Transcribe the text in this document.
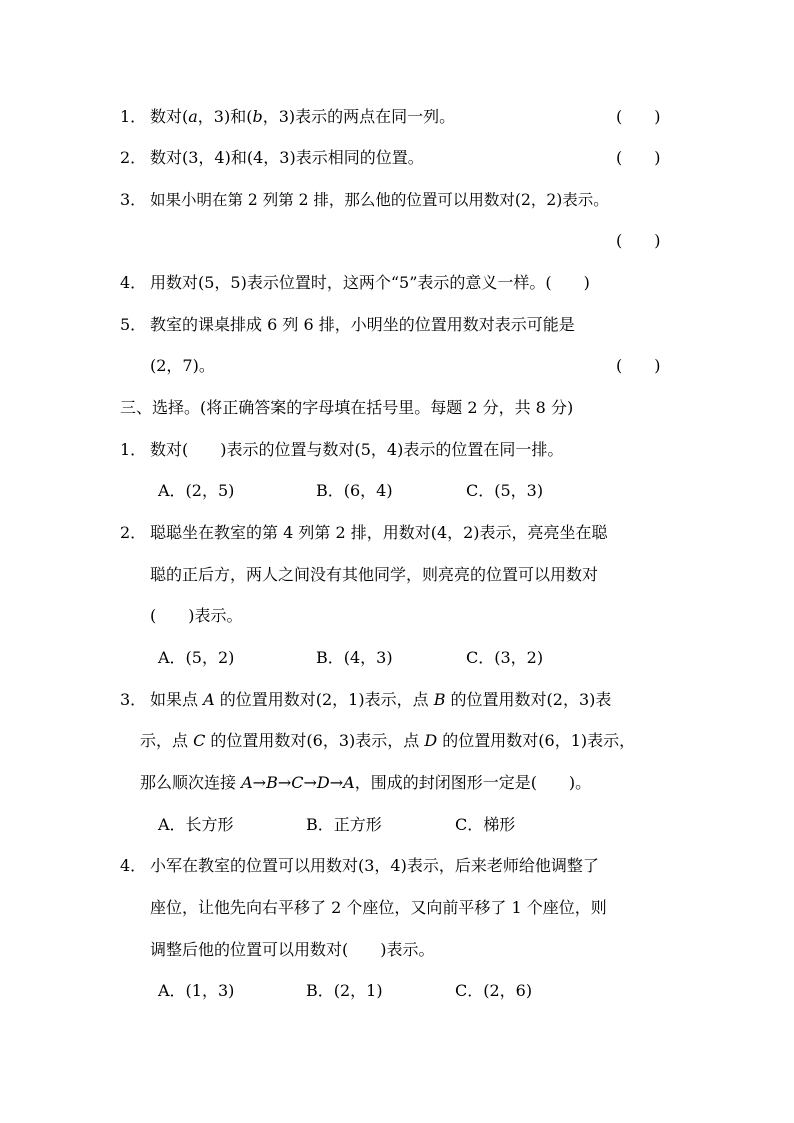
1． 数对(a，3)和(b，3)表示的两点在同一列。	(　　)
2． 数对(3，4)和(4，3)表示相同的位置。	(　　)
3． 如果小明在第 2 列第 2 排，那么他的位置可以用数对(2，2)表示。
(　　)
4． 用数对(5，5)表示位置时，这两个“5”表示的意义一样。(　　)
5． 教室的课桌排成 6 列 6 排，小明坐的位置用数对表示可能是
(2，7)。	(　　)
三、选择。(将正确答案的字母填在括号里。每题 2 分，共 8 分)
1． 数对(　　)表示的位置与数对(5，4)表示的位置在同一排。
A．(2，5)	B．(6，4)	C．(5，3)
2． 聪聪坐在教室的第 4 列第 2 排，用数对(4，2)表示，亮亮坐在聪
聪的正后方，两人之间没有其他同学，则亮亮的位置可以用数对
(　　)表示。
A．(5，2)	B．(4，3)	C．(3，2)
3． 如果点 A 的位置用数对(2，1)表示，点 B 的位置用数对(2，3)表
示，点 C 的位置用数对(6，3)表示，点 D 的位置用数对(6，1)表示，
那么顺次连接 A→B→C→D→A，围成的封闭图形一定是(　　)。
A．长方形	B．正方形	C．梯形
4． 小军在教室的位置可以用数对(3，4)表示，后来老师给他调整了
座位，让他先向右平移了 2 个座位，又向前平移了 1 个座位，则
调整后他的位置可以用数对(　　)表示。
A．(1，3)	B．(2，1)	C．(2，6)
